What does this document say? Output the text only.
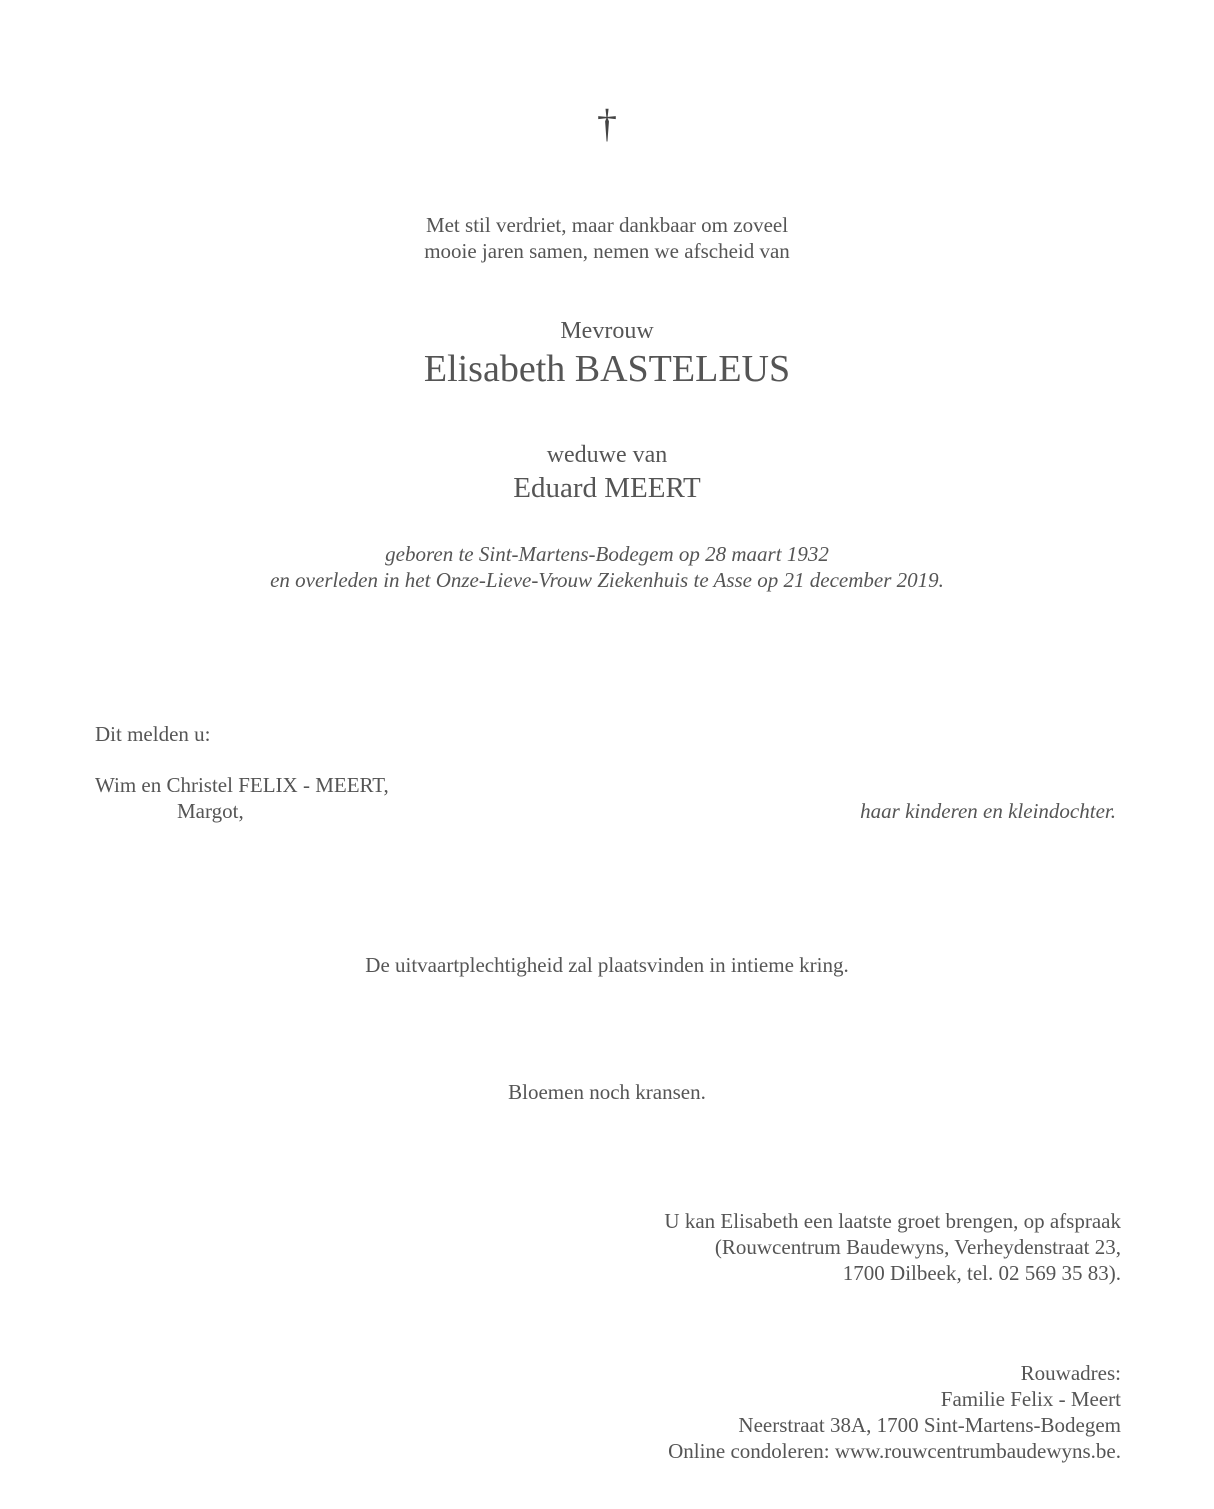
†
Met stil verdriet, maar dankbaar om zoveel
mooie jaren samen, nemen we afscheid van
Mevrouw
Elisabeth BASTELEUS
weduwe van
Eduard MEERT
geboren te Sint-Martens-Bodegem op 28 maart 1932
en overleden in het Onze-Lieve-Vrouw Ziekenhuis te Asse op 21 december 2019.
Dit melden u:
Wim en Christel FELIX - MEERT,
Margot,	haar kinderen en kleindochter.
De uitvaartplechtigheid zal plaatsvinden in intieme kring.
Bloemen noch kransen.
U kan Elisabeth een laatste groet brengen, op afspraak
(Rouwcentrum Baudewyns, Verheydenstraat 23,
1700 Dilbeek, tel. 02 569 35 83).
Rouwadres:
Familie Felix - Meert
Neerstraat 38A, 1700 Sint-Martens-Bodegem
Online condoleren: www.rouwcentrumbaudewyns.be.
